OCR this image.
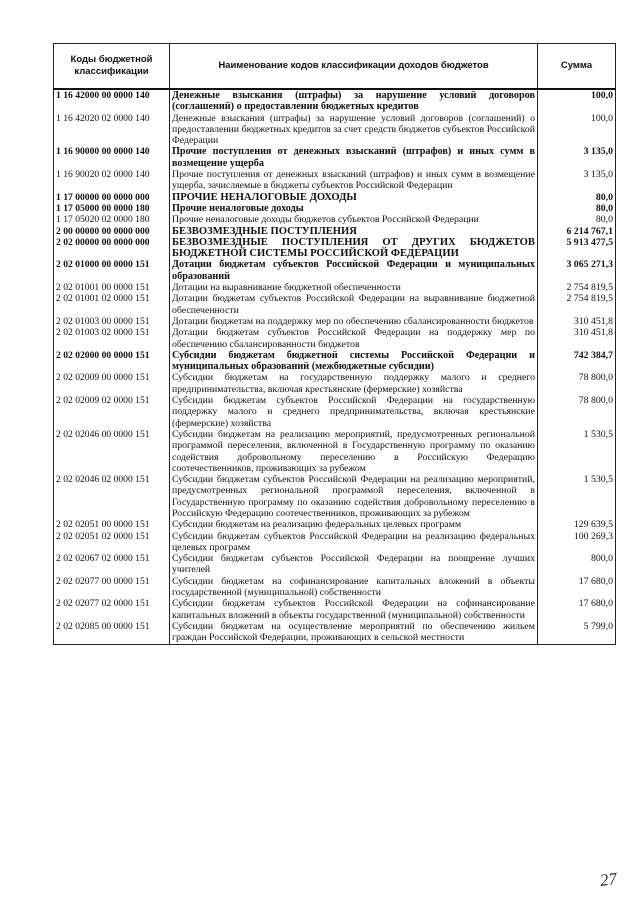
Коды бюджетной классификации	Наименование кодов классификации доходов бюджетов	Сумма
1 16 42000 00 0000 140	Денежные взыскания (штрафы) за нарушение условий договоров (соглашений) о предоставлении бюджетных кредитов	100,0
1 16 42020 02 0000 140	Денежные взыскания (штрафы) за нарушение условий договоров (соглашений) о предоставлении бюджетных кредитов за счет средств бюджетов субъектов Российской Федерации	100,0
1 16 90000 00 0000 140	Прочие поступления от денежных взысканий (штрафов) и иных сумм в возмещение ущерба	3 135,0
1 16 90020 02 0000 140	Прочие поступления от денежных взысканий (штрафов) и иных сумм в возмещение ущерба, зачисляемые в бюджеты субъектов Российской Федерации	3 135,0
1 17 00000 00 0000 000	ПРОЧИЕ НЕНАЛОГОВЫЕ ДОХОДЫ	80,0
1 17 05000 00 0000 180	Прочие неналоговые доходы	80,0
1 17 05020 02 0000 180	Прочие неналоговые доходы бюджетов субъектов Российской Федерации	80,0
2 00 00000 00 0000 000	БЕЗВОЗМЕЗДНЫЕ ПОСТУПЛЕНИЯ	6 214 767,1
2 02 00000 00 0000 000	БЕЗВОЗМЕЗДНЫЕ ПОСТУПЛЕНИЯ ОТ ДРУГИХ БЮДЖЕТОВ БЮДЖЕТНОЙ СИСТЕМЫ РОССИЙСКОЙ ФЕДЕРАЦИИ	5 913 477,5
2 02 01000 00 0000 151	Дотации бюджетам субъектов Российской Федерации и муниципальных образований	3 065 271,3
2 02 01001 00 0000 151	Дотации на выравнивание бюджетной обеспеченности	2 754 819,5
2 02 01001 02 0000 151	Дотации бюджетам субъектов Российской Федерации на выравнивание бюджетной обеспеченности	2 754 819,5
2 02 01003 00 0000 151	Дотации бюджетам на поддержку мер по обеспечению сбалансированности бюджетов	310 451,8
2 02 01003 02 0000 151	Дотации бюджетам субъектов Российской Федерации на поддержку мер по обеспечению сбалансированности бюджетов	310 451,8
2 02 02000 00 0000 151	Субсидии бюджетам бюджетной системы Российской Федерации и муниципальных образований (межбюджетные субсидии)	742 384,7
2 02 02009 00 0000 151	Субсидии бюджетам на государственную поддержку малого и среднего предпринимательства, включая крестьянские (фермерские) хозяйства	78 800,0
2 02 02009 02 0000 151	Субсидии бюджетам субъектов Российской Федерации на государственную поддержку малого и среднего предпринимательства, включая крестьянские (фермерские) хозяйства	78 800,0
2 02 02046 00 0000 151	Субсидии бюджетам на реализацию мероприятий, предусмотренных региональной программой переселения, включенной в Государственную программу по оказанию содействия добровольному переселению в Российскую Федерацию соотечественников, проживающих за рубежом	1 530,5
2 02 02046 02 0000 151	Субсидии бюджетам субъектов Российской Федерации на реализацию мероприятий, предусмотренных региональной программой переселения, включенной в Государственную программу по оказанию содействия добровольному переселению в Российскую Федерацию соотечественников, проживающих за рубежом	1 530,5
2 02 02051 00 0000 151	Субсидии бюджетам на реализацию федеральных целевых программ	129 639,5
2 02 02051 02 0000 151	Субсидии бюджетам субъектов Российской Федерации на реализацию федеральных целевых программ	100 269,3
2 02 02067 02 0000 151	Субсидии бюджетам субъектов Российской Федерации на поощрение лучших учителей	800,0
2 02 02077 00 0000 151	Субсидии бюджетам на софинансирование капитальных вложений в объекты государственной (муниципальной) собственности	17 680,0
2 02 02077 02 0000 151	Субсидии бюджетам субъектов Российской Федерации на софинансирование капитальных вложений в объекты государственной (муниципальной) собственности	17 680,0
2 02 02085 00 0000 151	Субсидии бюджетам на осуществление мероприятий по обеспечению жильем граждан Российской Федерации, проживающих в сельской местности	5 799,0
27
